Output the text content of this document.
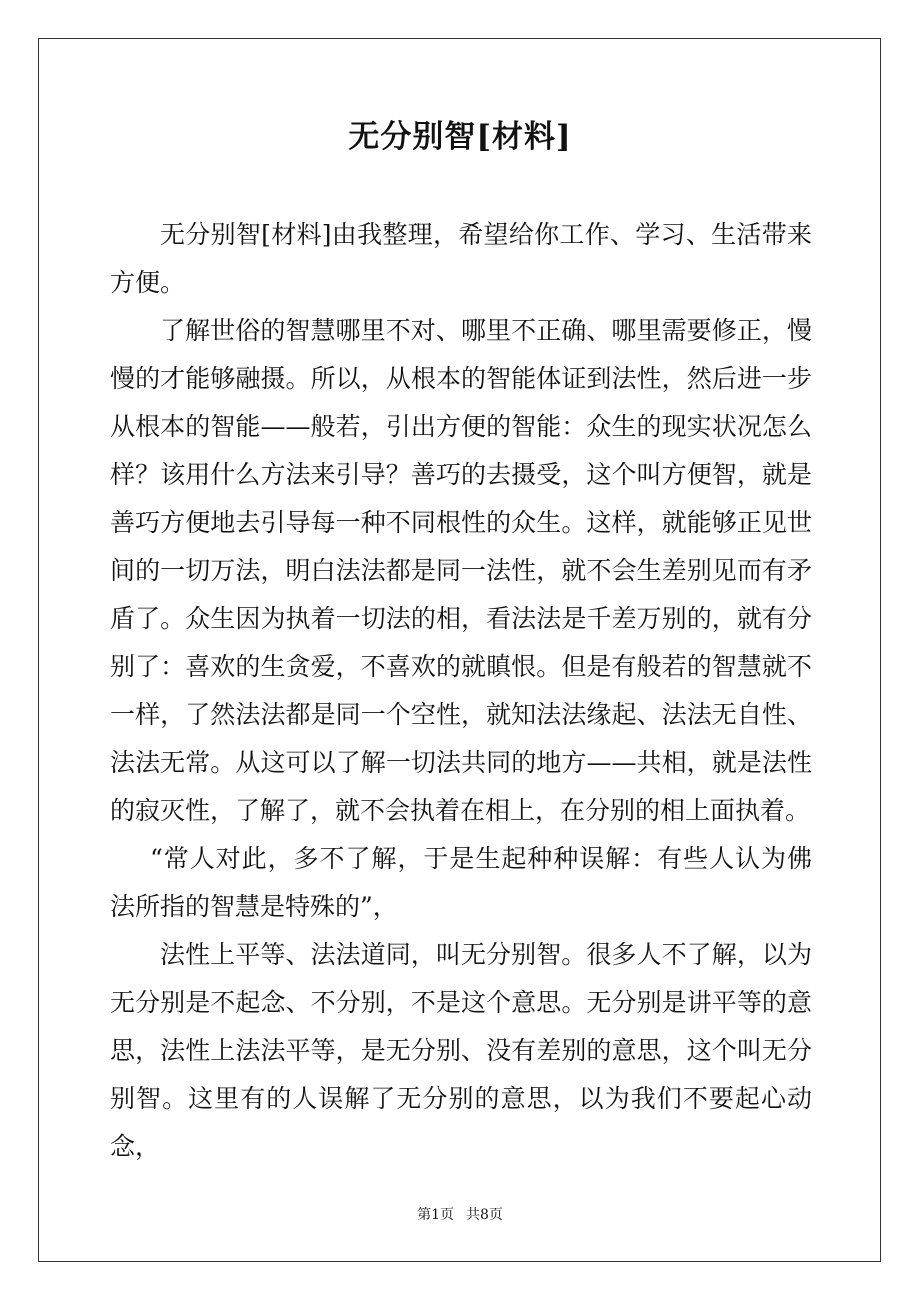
无分别智[材料]

无分别智[材料]由我整理，希望给你工作、学习、生活带来方便。

了解世俗的智慧哪里不对、哪里不正确、哪里需要修正，慢慢的才能够融摄。所以，从根本的智能体证到法性，然后进一步从根本的智能——般若，引出方便的智能：众生的现实状况怎么样？该用什么方法来引导？善巧的去摄受，这个叫方便智，就是善巧方便地去引导每一种不同根性的众生。这样，就能够正见世间的一切万法，明白法法都是同一法性，就不会生差别见而有矛盾了。众生因为执着一切法的相，看法法是千差万别的，就有分别了：喜欢的生贪爱，不喜欢的就瞋恨。但是有般若的智慧就不一样，了然法法都是同一个空性，就知法法缘起、法法无自性、法法无常。从这可以了解一切法共同的地方——共相，就是法性的寂灭性，了解了，就不会执着在相上，在分别的相上面执着。

“常人对此，多不了解，于是生起种种误解：有些人认为佛法所指的智慧是特殊的”，

法性上平等、法法道同，叫无分别智。很多人不了解，以为无分别是不起念、不分别，不是这个意思。无分别是讲平等的意思，法性上法法平等，是无分别、没有差别的意思，这个叫无分别智。这里有的人误解了无分别的意思，以为我们不要起心动念，

第1页 共8页
